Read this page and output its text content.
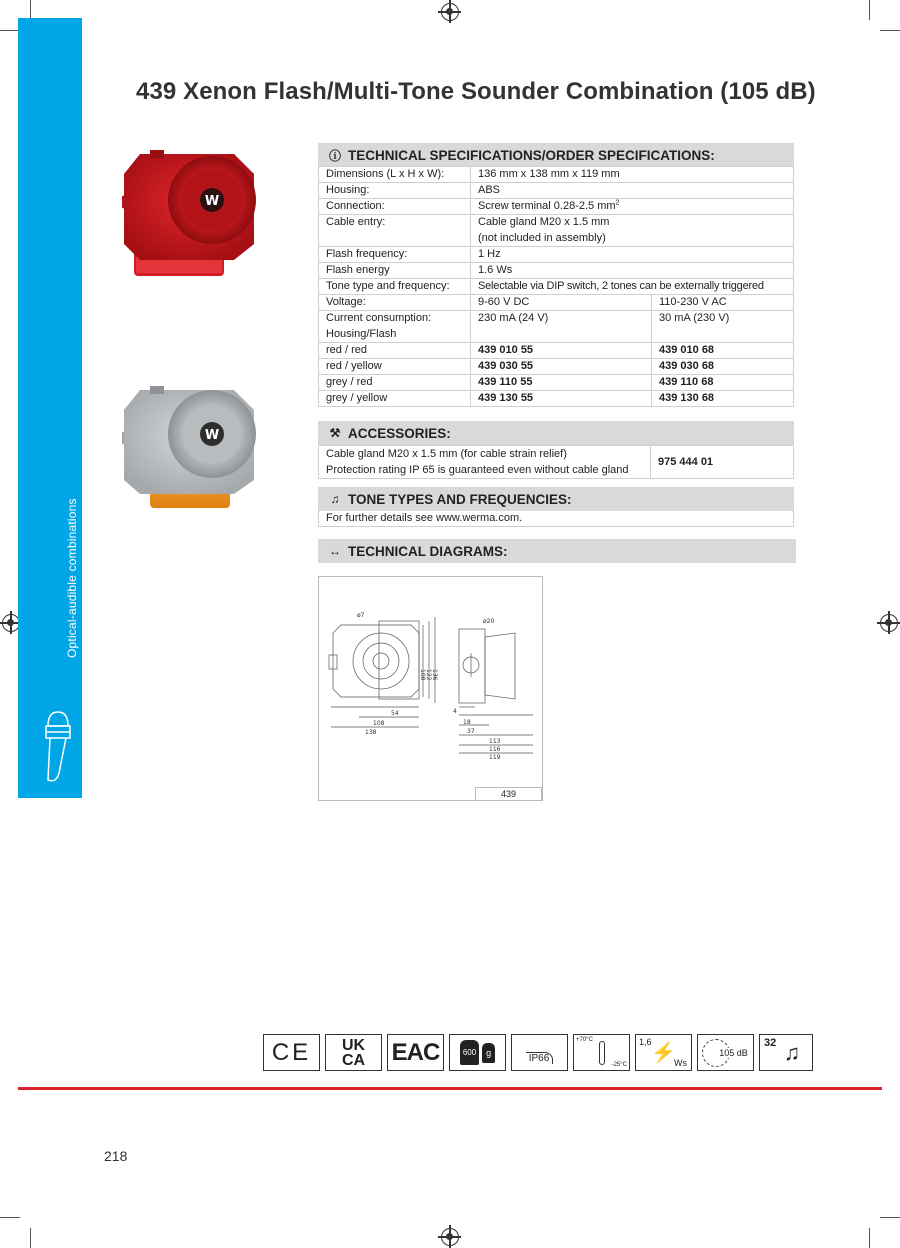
Optical-audible combinations
439 Xenon Flash/Multi-Tone Sounder Combination (105 dB)
W
W
ⓘ TECHNICAL SPECIFICATIONS/ORDER SPECIFICATIONS:
Dimensions (L x H x W):	136 mm x 138 mm x 119 mm	
Housing:	ABS	
Connection:	Screw terminal 0.28-2.5 $mm^2$
Cable entry:	Cable gland M20 x 1.5 mm	
	(not included in assembly)	
Flash frequency:	1 Hz	
Flash energy	1.6 Ws	
Tone type and frequency:	Selectable via DIP switch, 2 tones can be externally triggered	
Voltage:	9-60 V DC	110-230 V AC
Current consumption:	230 mA (24 V)	30 mA (230 V)
Housing/Flash		
red / red	439 010 55	439 010 68
red / yellow	439 030 55	439 030 68
grey / red	439 110 55	439 110 68
grey / yellow	439 130 55	439 130 68
⚒ ACCESSORIES:
Cable gland M20 x 1.5 mm (for cable strain relief)
Protection rating IP 65 is guaranteed even without cable gland
	975 444 01
♫ TONE TYPES AND FREQUENCIES:
For further details see www.werma.com.
↔ TECHNICAL DIAGRAMS:
ø7
ø20
54
108
138
108 122 136
4
18
37
113
116
119
439
CE UK
CA EAC	600	g
IP66
+70°C
-25°C
1,6 ⚡
Ws
105 dB
32 ♫
218
